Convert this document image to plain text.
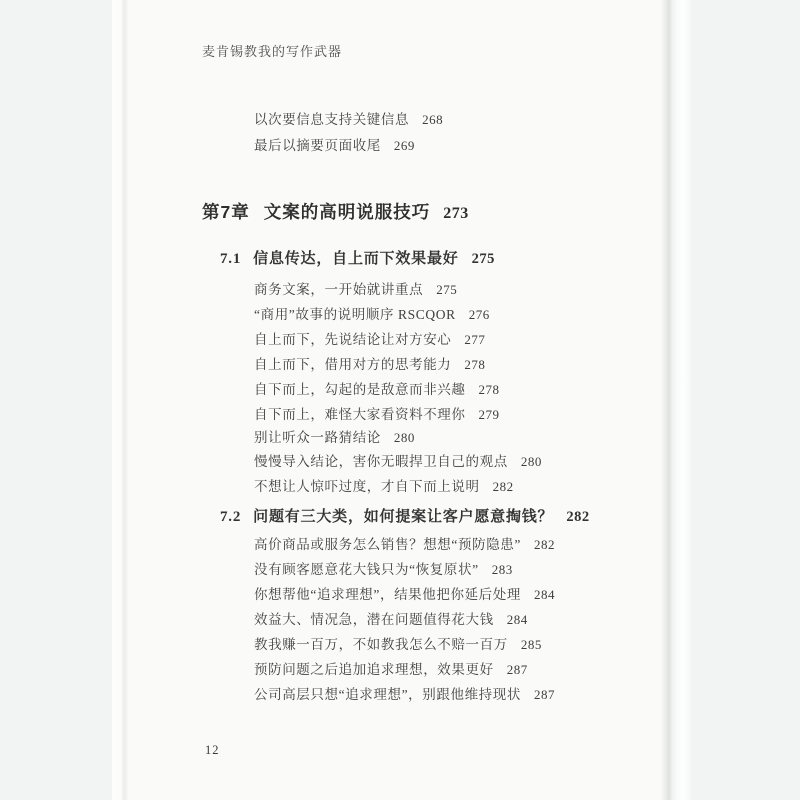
麦肯锡教我的写作武器
以次要信息支持关键信息 268
最后以摘要页面收尾 269
第7章 文案的高明说服技巧 273
7.1 信息传达，自上而下效果最好 275
商务文案，一开始就讲重点 275
“商用”故事的说明顺序 RSCQOR 276
自上而下，先说结论让对方安心 277
自上而下，借用对方的思考能力 278
自下而上，勾起的是敌意而非兴趣 278
自下而上，难怪大家看资料不理你 279
别让听众一路猜结论 280
慢慢导入结论，害你无暇捍卫自己的观点 280
不想让人惊吓过度，才自下而上说明 282
7.2 问题有三大类，如何提案让客户愿意掏钱？ 282
高价商品或服务怎么销售？想想“预防隐患” 282
没有顾客愿意花大钱只为“恢复原状” 283
你想帮他“追求理想”，结果他把你延后处理 284
效益大、情况急，潜在问题值得花大钱 284
教我赚一百万，不如教我怎么不赔一百万 285
预防问题之后追加追求理想，效果更好 287
公司高层只想“追求理想”，别跟他维持现状 287
12
